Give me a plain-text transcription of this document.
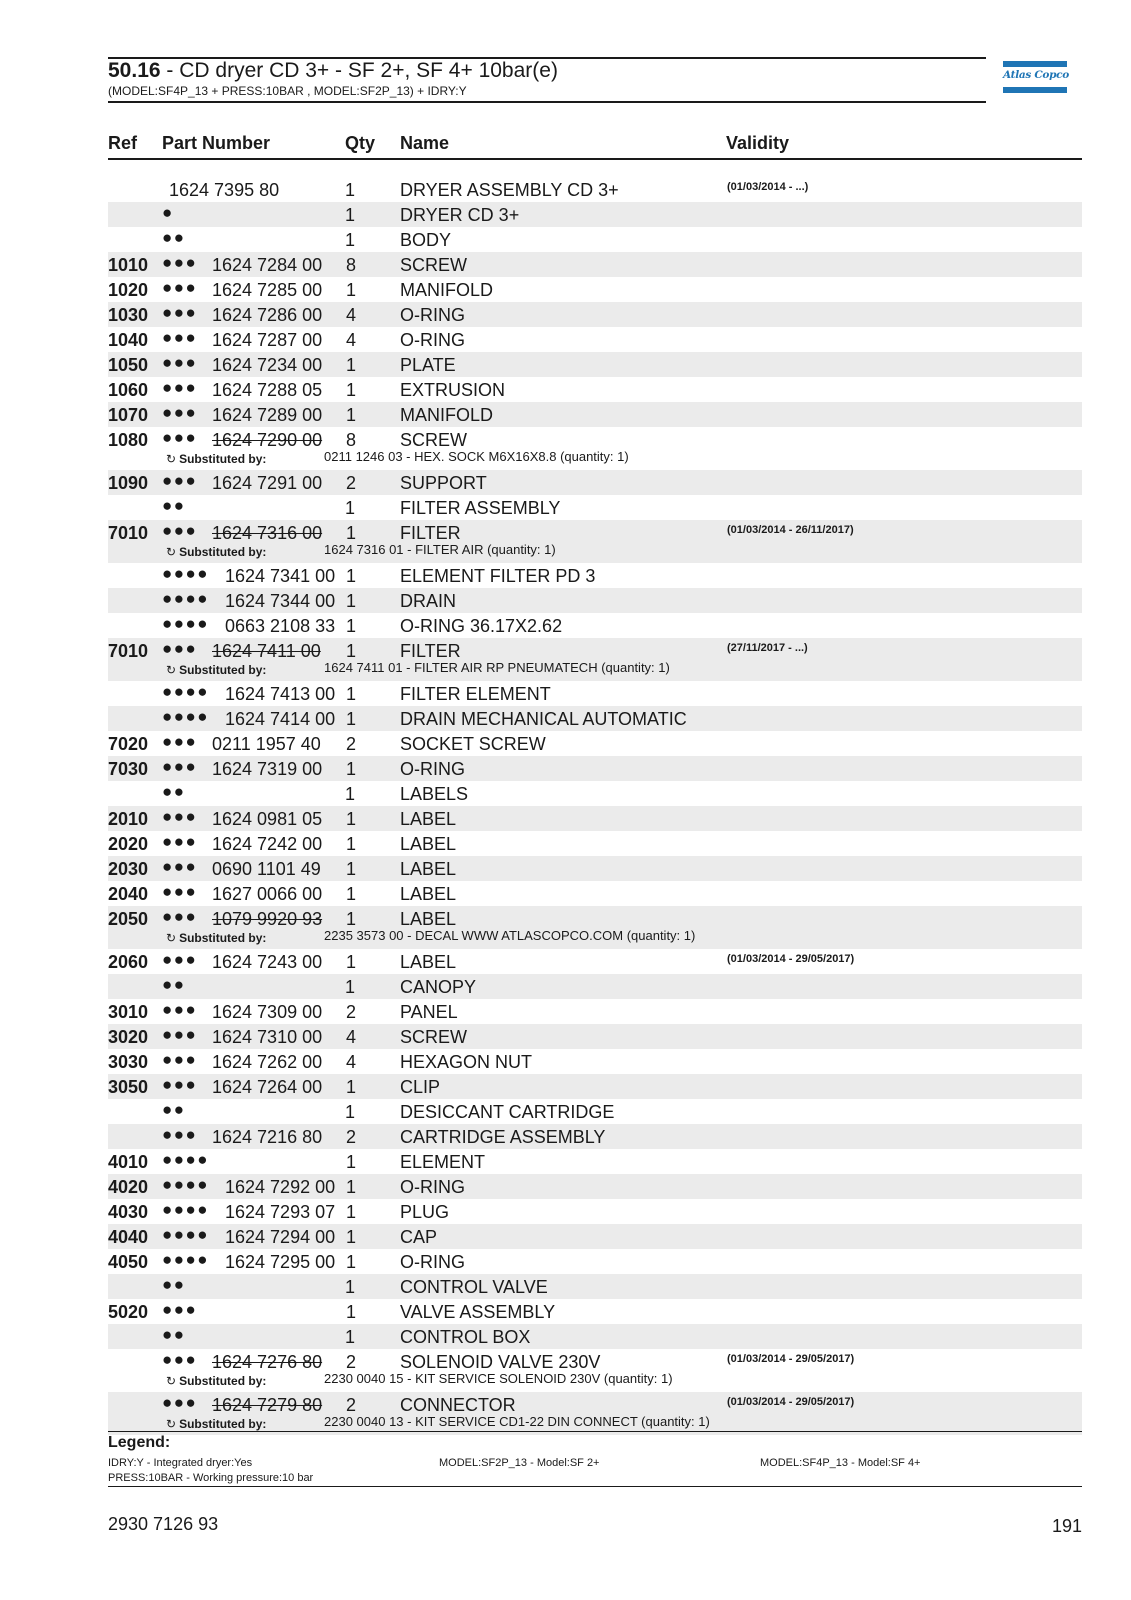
50.16 - CD dryer CD 3+ - SF 2+, SF 4+ 10bar(e)
(MODEL:SF4P_13 + PRESS:10BAR , MODEL:SF2P_13) + IDRY:Y
Atlas Copco
Ref Part Number	Qty Name	Validity
1624 7395 80	1 DRYER ASSEMBLY CD 3+	(01/03/2014 - ...)
●	1 DRYER CD 3+
●●	1 BODY
1010 ●●● 1624 7284 00 8 SCREW
1020 ●●● 1624 7285 00 1 MANIFOLD
1030 ●●● 1624 7286 00 4 O-RING
1040 ●●● 1624 7287 00 4 O-RING
1050 ●●● 1624 7234 00 1 PLATE
1060 ●●● 1624 7288 05 1 EXTRUSION
1070 ●●● 1624 7289 00 1 MANIFOLD
1080 ●●● 1624 7290 00 8 SCREW
↻ Substituted by:	0211 1246 03 - HEX. SOCK M6X16X8.8 (quantity: 1)
1090 ●●● 1624 7291 00 2 SUPPORT
●●	1 FILTER ASSEMBLY
7010 ●●● 1624 7316 00 1 FILTER	(01/03/2014 - 26/11/2017)
↻ Substituted by:	1624 7316 01 - FILTER AIR (quantity: 1)
●●●● 1624 7341 00 1 ELEMENT FILTER PD 3
●●●● 1624 7344 00 1 DRAIN
●●●● 0663 2108 33 1 O-RING 36.17X2.62
7010 ●●● 1624 7411 00 1 FILTER	(27/11/2017 - ...)
↻ Substituted by:	1624 7411 01 - FILTER AIR RP PNEUMATECH (quantity: 1)
●●●● 1624 7413 00 1 FILTER ELEMENT
●●●● 1624 7414 00 1 DRAIN MECHANICAL AUTOMATIC
7020 ●●● 0211 1957 40 2 SOCKET SCREW
7030 ●●● 1624 7319 00 1 O-RING
●●	1 LABELS
2010 ●●● 1624 0981 05 1 LABEL
2020 ●●● 1624 7242 00 1 LABEL
2030 ●●● 0690 1101 49 1 LABEL
2040 ●●● 1627 0066 00 1 LABEL
2050 ●●● 1079 9920 93 1 LABEL
↻ Substituted by:	2235 3573 00 - DECAL WWW ATLASCOPCO.COM (quantity: 1)
2060 ●●● 1624 7243 00 1 LABEL	(01/03/2014 - 29/05/2017)
●●	1 CANOPY
3010 ●●● 1624 7309 00 2 PANEL
3020 ●●● 1624 7310 00 4 SCREW
3030 ●●● 1624 7262 00 4 HEXAGON NUT
3050 ●●● 1624 7264 00 1 CLIP
●●	1 DESICCANT CARTRIDGE
●●● 1624 7216 80 2 CARTRIDGE ASSEMBLY
4010 ●●●●	1 ELEMENT
4020 ●●●● 1624 7292 00 1 O-RING
4030 ●●●● 1624 7293 07 1 PLUG
4040 ●●●● 1624 7294 00 1 CAP
4050 ●●●● 1624 7295 00 1 O-RING
●●	1 CONTROL VALVE
5020 ●●●	1 VALVE ASSEMBLY
●●	1 CONTROL BOX
●●● 1624 7276 80 2 SOLENOID VALVE 230V	(01/03/2014 - 29/05/2017)
↻ Substituted by:	2230 0040 15 - KIT SERVICE SOLENOID 230V (quantity: 1)
●●● 1624 7279 80 2 CONNECTOR	(01/03/2014 - 29/05/2017)
↻ Substituted by:	2230 0040 13 - KIT SERVICE CD1-22 DIN CONNECT (quantity: 1)
Legend:
IDRY:Y - Integrated dryer:Yes
PRESS:10BAR - Working pressure:10 bar
MODEL:SF2P_13 - Model:SF 2+	MODEL:SF4P_13 - Model:SF 4+
2930 7126 93	191
